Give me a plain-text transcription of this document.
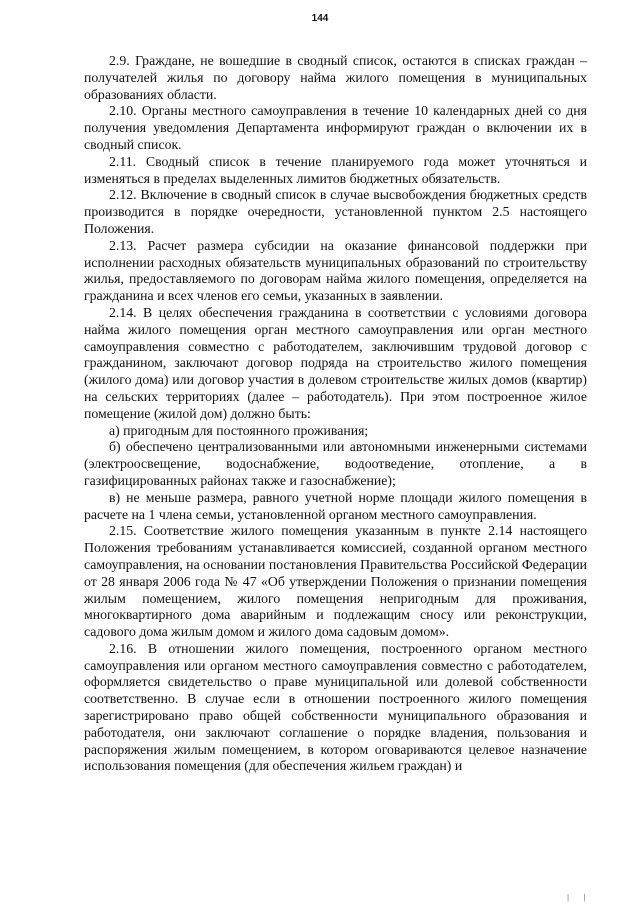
144

2.9. Граждане, не вошедшие в сводный список, остаются в списках граждан – получателей жилья по договору найма жилого помещения в муниципальных образованиях области.

2.10. Органы местного самоуправления в течение 10 календарных дней со дня получения уведомления Департамента информируют граждан о включении их в сводный список.

2.11. Сводный список в течение планируемого года может уточняться и изменяться в пределах выделенных лимитов бюджетных обязательств.

2.12. Включение в сводный список в случае высвобождения бюджетных средств производится в порядке очередности, установленной пунктом 2.5 настоящего Положения.

2.13. Расчет размера субсидии на оказание финансовой поддержки при исполнении расходных обязательств муниципальных образований по строительству жилья, предоставляемого по договорам найма жилого помещения, определяется на гражданина и всех членов его семьи, указанных в заявлении.

2.14. В целях обеспечения гражданина в соответствии с условиями договора найма жилого помещения орган местного самоуправления или орган местного самоуправления совместно с работодателем, заключившим трудовой договор с гражданином, заключают договор подряда на строительство жилого помещения (жилого дома) или договор участия в долевом строительстве жилых домов (квартир) на сельских территориях (далее – работодатель). При этом построенное жилое помещение (жилой дом) должно быть:

а) пригодным для постоянного проживания;

б) обеспечено централизованными или автономными инженерными системами (электроосвещение, водоснабжение, водоотведение, отопление, а в газифицированных районах также и газоснабжение);

в) не меньше размера, равного учетной норме площади жилого помещения в расчете на 1 члена семьи, установленной органом местного самоуправления.

2.15. Соответствие жилого помещения указанным в пункте 2.14 настоящего Положения требованиям устанавливается комиссией, созданной органом местного самоуправления, на основании постановления Правительства Российской Федерации от 28 января 2006 года № 47 «Об утверждении Положения о признании помещения жилым помещением, жилого помещения непригодным для проживания, многоквартирного дома аварийным и подлежащим сносу или реконструкции, садового дома жилым домом и жилого дома садовым домом».

2.16. В отношении жилого помещения, построенного органом местного самоуправления или органом местного самоуправления совместно с работодателем, оформляется свидетельство о праве муниципальной или долевой собственности соответственно. В случае если в отношении построенного жилого помещения зарегистрировано право общей собственности муниципального образования и работодателя, они заключают соглашение о порядке владения, пользования и распоряжения жилым помещением, в котором оговариваются целевое назначение использования помещения (для обеспечения жильем граждан) и

| |
